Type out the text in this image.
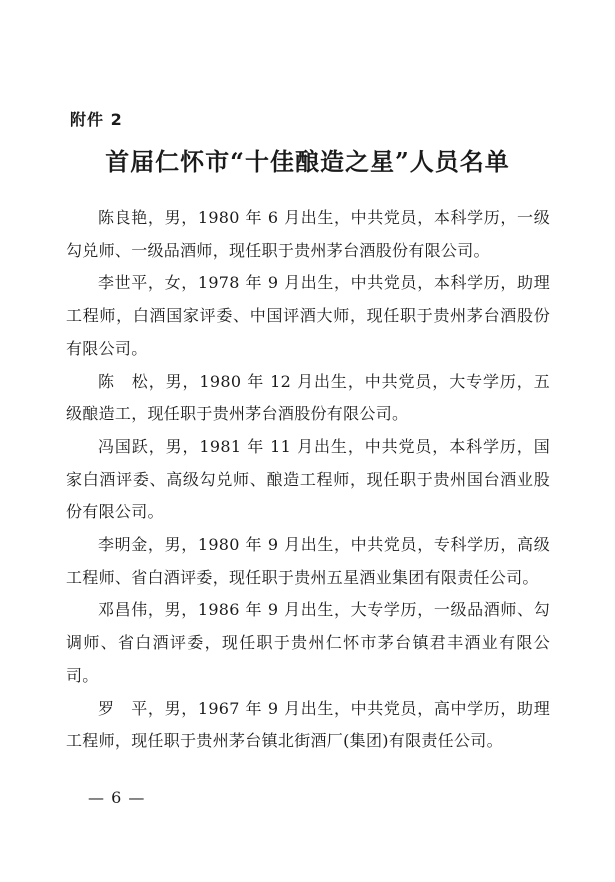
附件 2
首届仁怀市“十佳酿造之星”人员名单

陈良艳，男，1980 年 6 月出生，中共党员，本科学历，一级勾兑师、一级品酒师，现任职于贵州茅台酒股份有限公司。

李世平，女，1978 年 9 月出生，中共党员，本科学历，助理工程师，白酒国家评委、中国评酒大师，现任职于贵州茅台酒股份有限公司。

陈　松，男，1980 年 12 月出生，中共党员，大专学历，五级酿造工，现任职于贵州茅台酒股份有限公司。

冯国跃，男，1981 年 11 月出生，中共党员，本科学历，国家白酒评委、高级勾兑师、酿造工程师，现任职于贵州国台酒业股份有限公司。

李明金，男，1980 年 9 月出生，中共党员，专科学历，高级工程师、省白酒评委，现任职于贵州五星酒业集团有限责任公司。

邓昌伟，男，1986 年 9 月出生，大专学历，一级品酒师、勾调师、省白酒评委，现任职于贵州仁怀市茅台镇君丰酒业有限公司。

罗　平，男，1967 年 9 月出生，中共党员，高中学历，助理工程师，现任职于贵州茅台镇北街酒厂(集团)有限责任公司。

— 6 —
